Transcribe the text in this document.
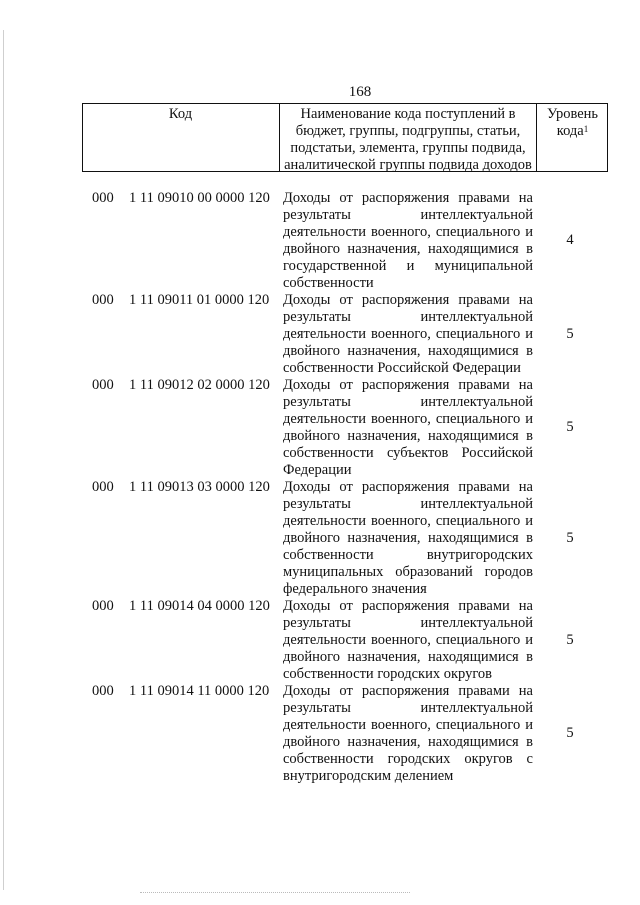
168
Код	Наименование кода поступлений в
бюджет, группы, подгруппы, статьи,
подстатьи, элемента, группы подвида,
аналитической группы подвида доходов
Уровень
кода$^1$
000 1 11 09010 00 0000 120 Доходы от распоряжения правами на
результаты интеллектуальной
деятельности военного, специального и
двойного назначения, находящимися в
государственной и муниципальной
собственности
4
000 1 11 09011 01 0000 120 Доходы от распоряжения правами на
результаты интеллектуальной
деятельности военного, специального и
двойного назначения, находящимися в
собственности Российской Федерации
5
000 1 11 09012 02 0000 120 Доходы от распоряжения правами на
результаты интеллектуальной
деятельности военного, специального и
двойного назначения, находящимися в
собственности субъектов Российской
Федерации
5
000 1 11 09013 03 0000 120 Доходы от распоряжения правами на
результаты интеллектуальной
деятельности военного, специального и
двойного назначения, находящимися в
собственности внутригородских
муниципальных образований городов
федерального значения
5
000 1 11 09014 04 0000 120 Доходы от распоряжения правами на
результаты интеллектуальной
деятельности военного, специального и
двойного назначения, находящимися в
собственности городских округов
5
000 1 11 09014 11 0000 120 Доходы от распоряжения правами на
результаты интеллектуальной
деятельности военного, специального и
двойного назначения, находящимися в
собственности городских округов с
внутригородским делением
5
